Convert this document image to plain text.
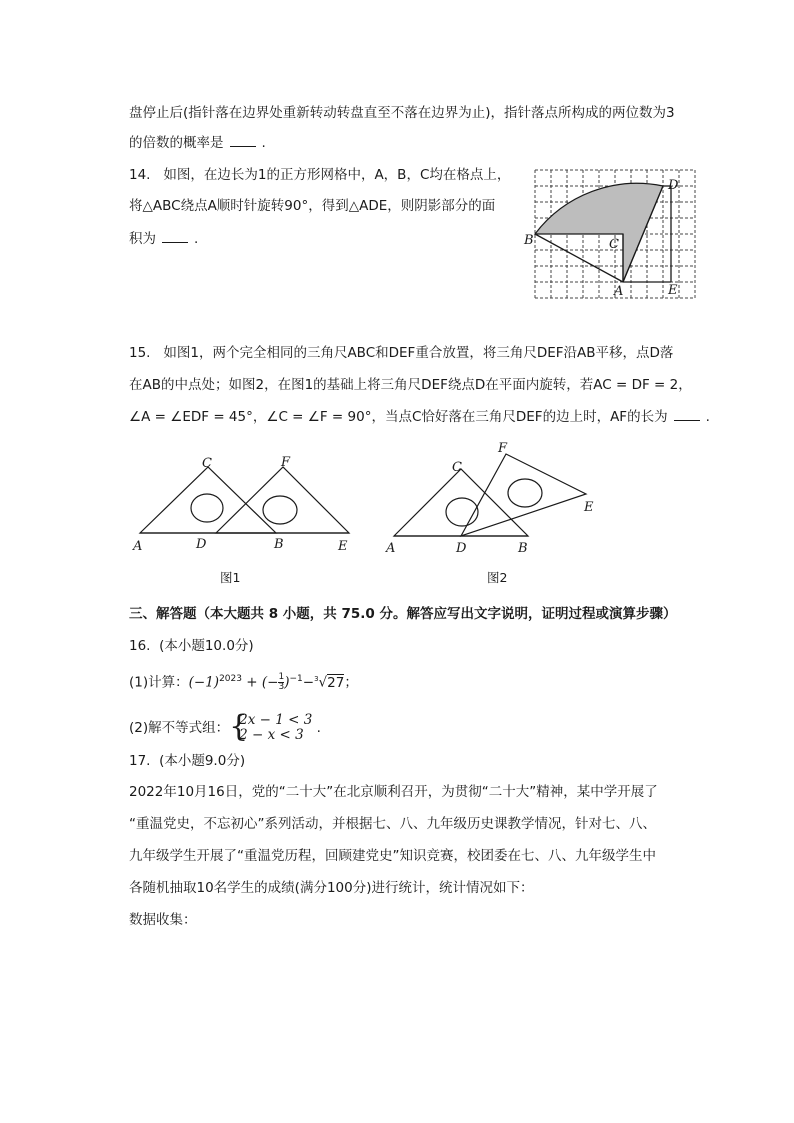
盘停止后(指针落在边界处重新转动转盘直至不落在边界为止)，指针落点所构成的两位数为3
的倍数的概率是	.
14. 如图，在边长为1的正方形网格中，A，B，C均在格点上，
将△ABC绕点A顺时针旋转90°，得到△ADE，则阴影部分的面
积为	.	B	C
A
D
E
15. 如图1，两个完全相同的三角尺ABC和DEF重合放置，将三角尺DEF沿AB平移，点D落
在AB的中点处；如图2，在图1的基础上将三角尺DEF绕点D在平面内旋转，若AC = DF = 2，
∠A = ∠EDF = 45°，∠C = ∠F = 90°，当点C恰好落在三角尺DEF的边上时，AF的长为	.
C	F
A	D	B	E
图1
C
F
E
A	D	B
图2
三、解答题（本大题共 8 小题，共 75.0 分。解答应写出文字说明，证明过程或演算步骤）
16. (本小题10.0分)
(1)计算：$(-1)^{2023}$ + (− $\frac{1}{3} )^{-1}-^3√27$；
(2)解不等式组： {
2x − 1 < 3
2 − x < 3 .
17. (本小题9.0分)
2022年10月16日，党的“二十大”在北京顺利召开，为贯彻“二十大”精神，某中学开展了
“重温党史，不忘初心”系列活动，并根据七、八、九年级历史课教学情况，针对七、八、
九年级学生开展了“重温党历程，回顾建党史”知识竞赛，校团委在七、八、九年级学生中
各随机抽取10名学生的成绩(满分100分)进行统计，统计情况如下：
数据收集：
